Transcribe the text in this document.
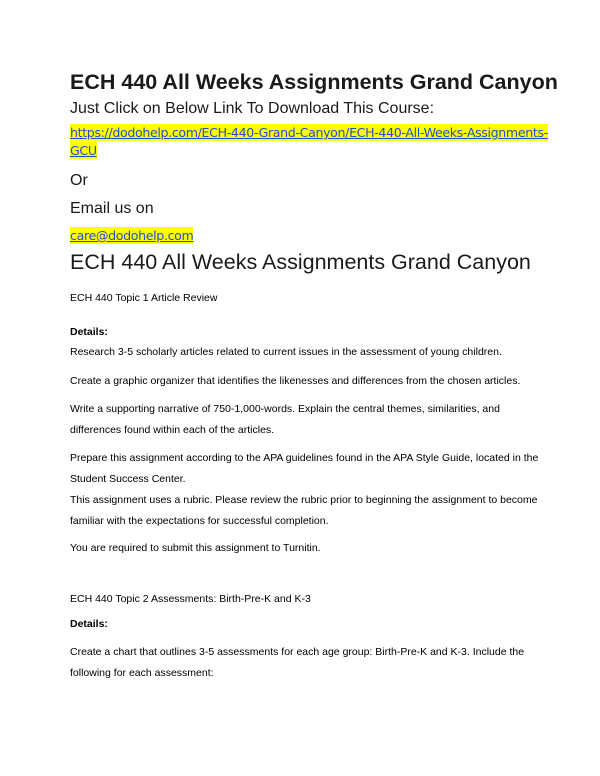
ECH 440 All Weeks Assignments Grand Canyon

Just Click on Below Link To Download This Course:

https://dodohelp.com/ECH-440-Grand-Canyon/ECH-440-All-Weeks-Assignments-
GCU

Or

Email us on

care@dodohelp.com
ECH 440 All Weeks Assignments Grand Canyon

ECH 440 Topic 1 Article Review

Details:

Research 3-5 scholarly articles related to current issues in the assessment of young children.

Create a graphic organizer that identifies the likenesses and differences from the chosen articles.

Write a supporting narrative of 750-1,000-words. Explain the central themes, similarities, and differences found within each of the articles.

Prepare this assignment according to the APA guidelines found in the APA Style Guide, located in the Student Success Center.

This assignment uses a rubric. Please review the rubric prior to beginning the assignment to become familiar with the expectations for successful completion.

You are required to submit this assignment to Turnitin.

ECH 440 Topic 2 Assessments: Birth-Pre-K and K-3

Details:

Create a chart that outlines 3-5 assessments for each age group: Birth-Pre-K and K-3. Include the following for each assessment:
